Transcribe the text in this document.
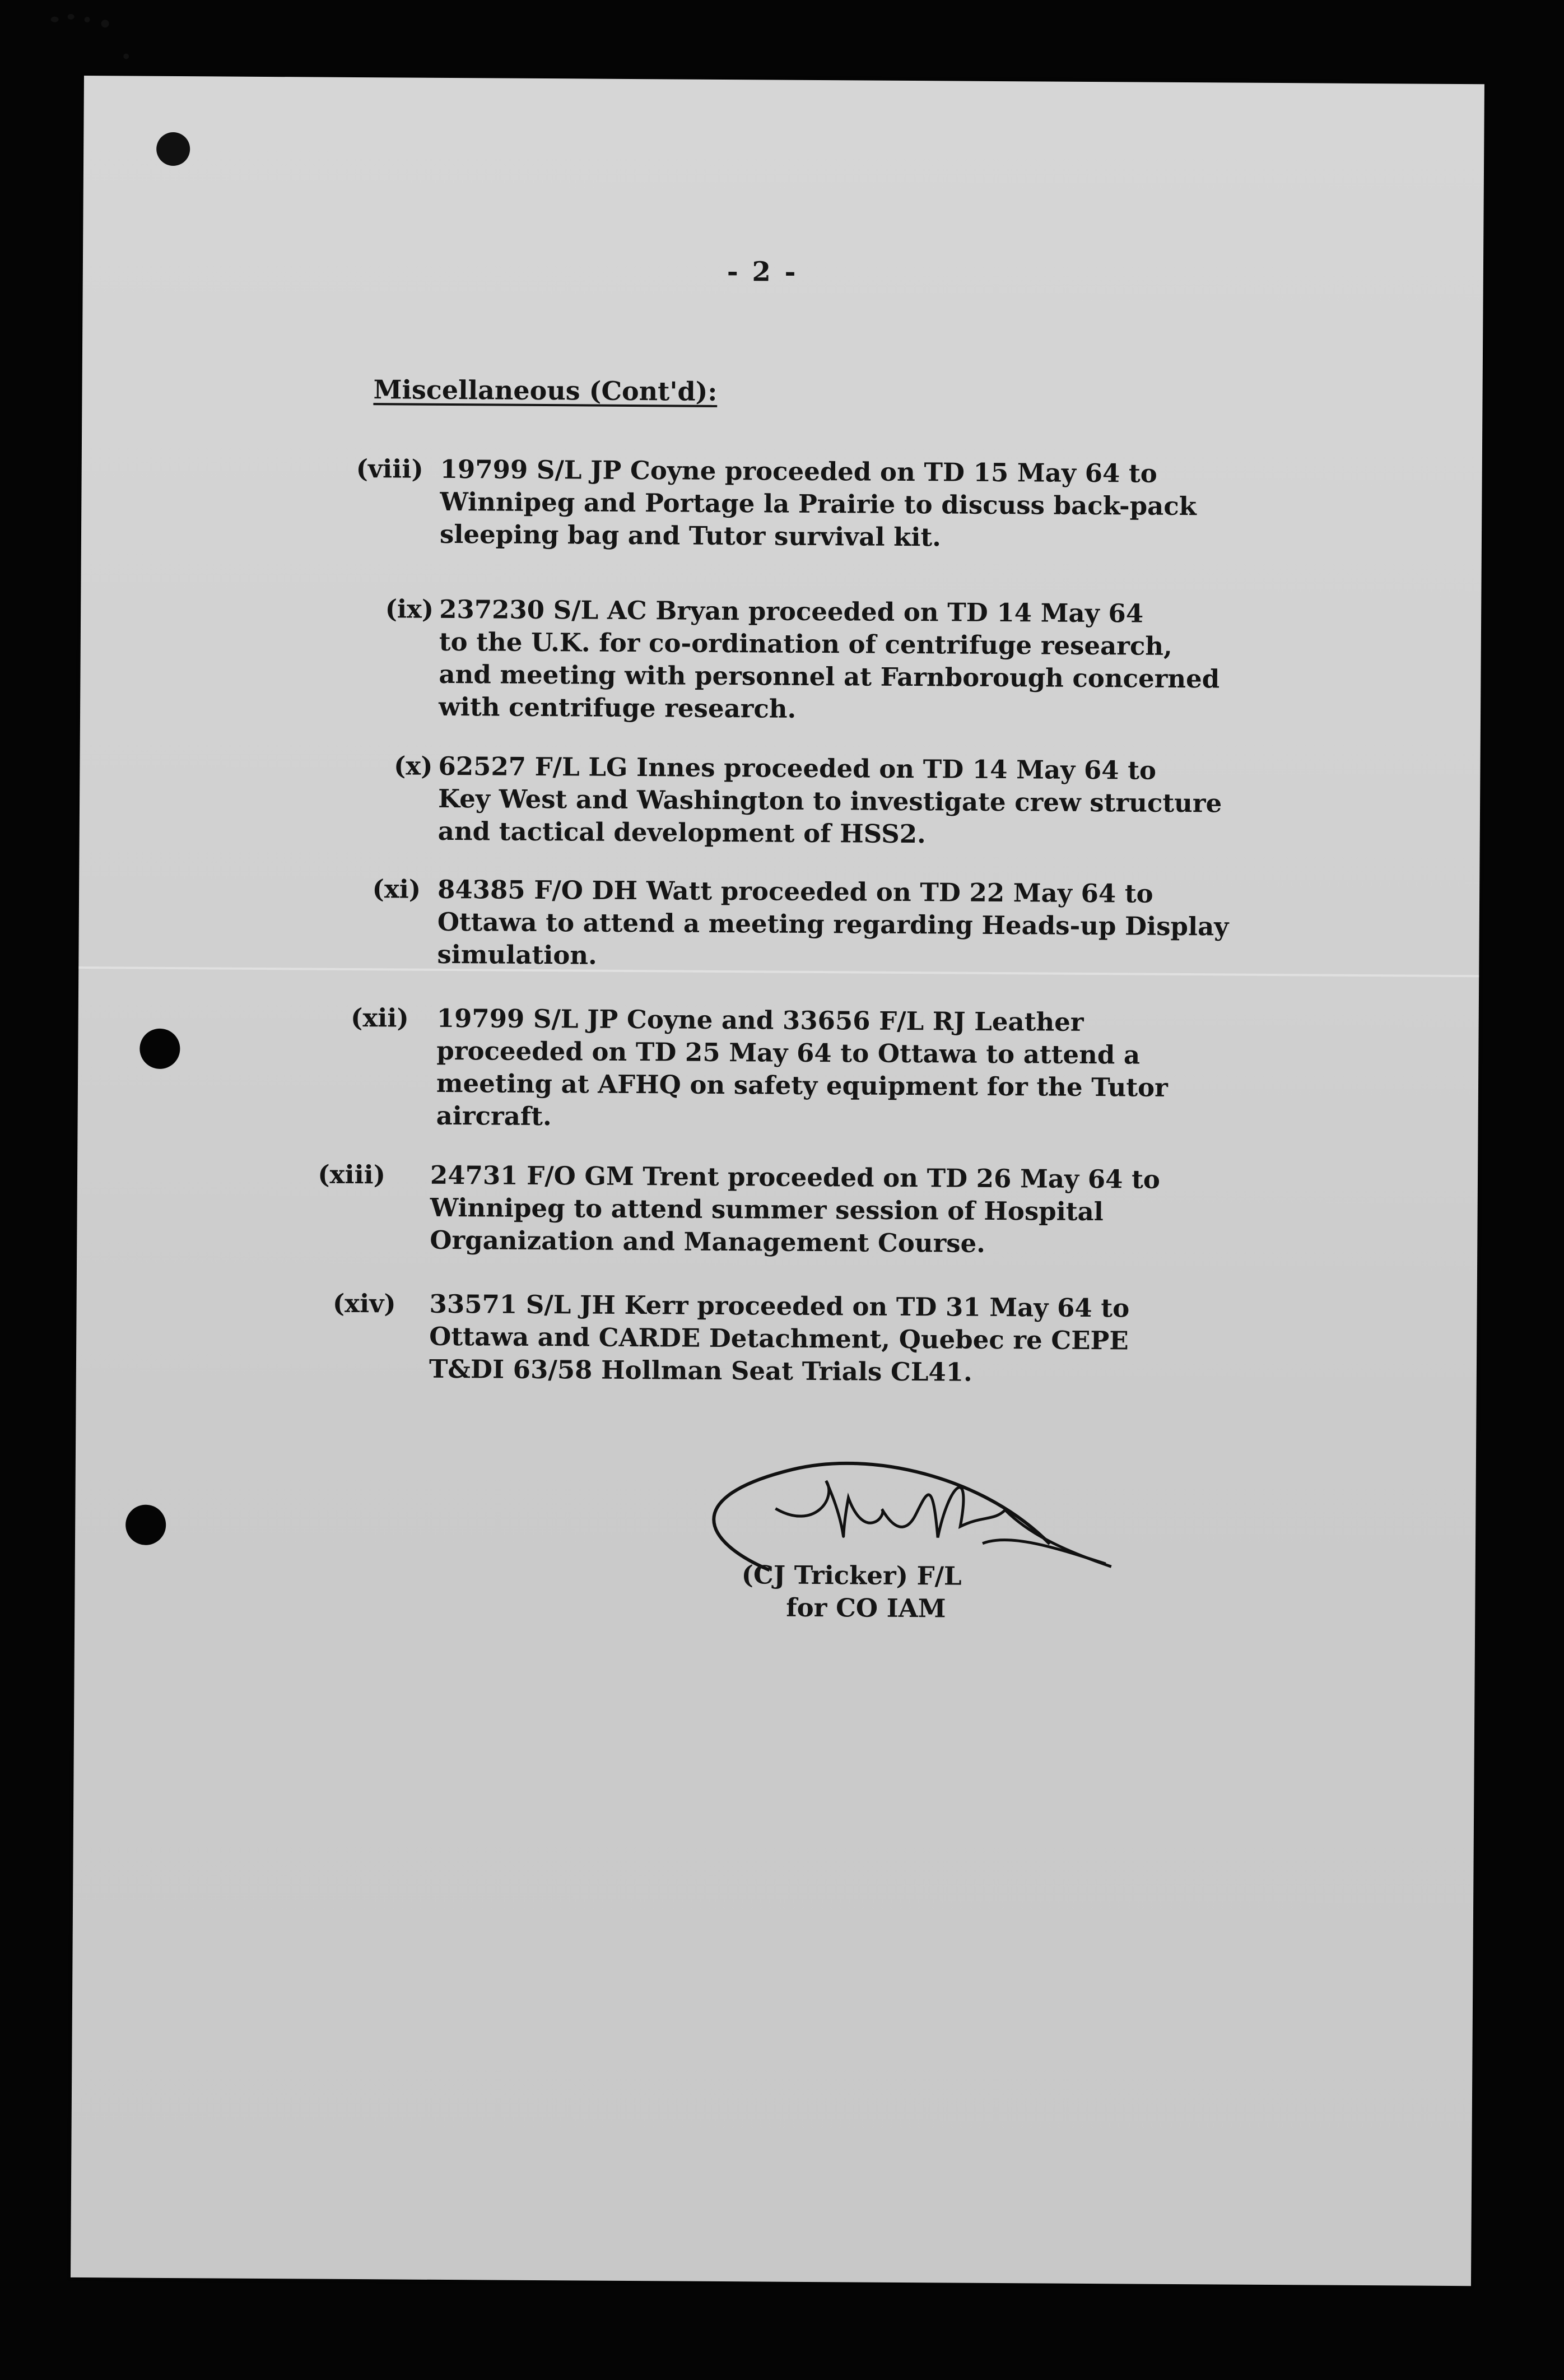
- 2 -
Miscellaneous (Cont'd):
(viii) 19799 S/L JP Coyne proceeded on TD 15 May 64 to
Winnipeg and Portage la Prairie to discuss back-pack
sleeping bag and Tutor survival kit.
(ix) 237230 S/L AC Bryan proceeded on TD 14 May 64
to the U.K. for co-ordination of centrifuge research,
and meeting with personnel at Farnborough concerned
with centrifuge research.
(x) 62527 F/L LG Innes proceeded on TD 14 May 64 to
Key West and Washington to investigate crew structure
and tactical development of HSS2.
(xi) 84385 F/O DH Watt proceeded on TD 22 May 64 to
Ottawa to attend a meeting regarding Heads-up Display
simulation.
(xii) 19799 S/L JP Coyne and 33656 F/L RJ Leather
proceeded on TD 25 May 64 to Ottawa to attend a
meeting at AFHQ on safety equipment for the Tutor
aircraft.
(xiii) 24731 F/O GM Trent proceeded on TD 26 May 64 to
Winnipeg to attend summer session of Hospital
Organization and Management Course.
(xiv) 33571 S/L JH Kerr proceeded on TD 31 May 64 to
Ottawa and CARDE Detachment, Quebec re CEPE
T&DI 63/58 Hollman Seat Trials CL41.
(CJ Tricker) F/L
for CO IAM
